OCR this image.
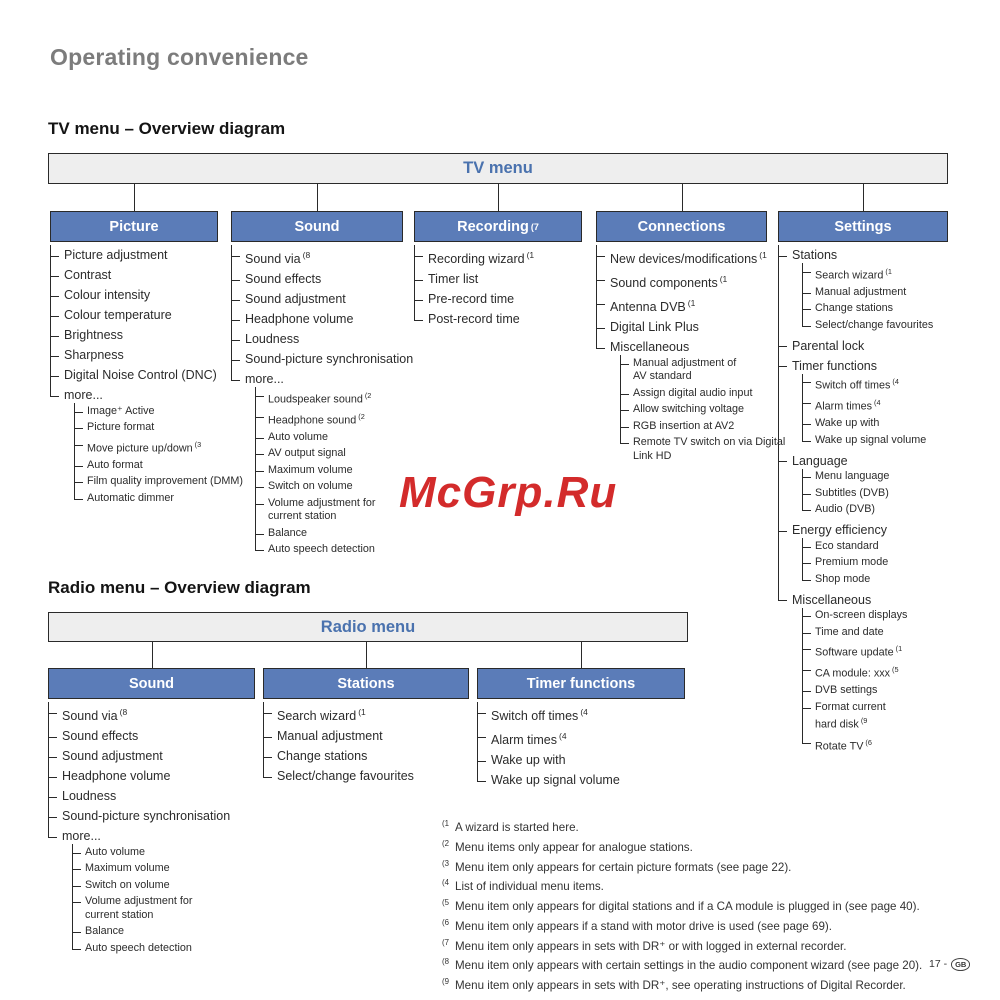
Operating convenience
TV menu – Overview diagram
Radio menu – Overview diagram
TV menu
Picture
Picture adjustment
Contrast
Colour intensity
Colour temperature
Brightness
Sharpness
Digital Noise Control (DNC)
more...
Image⁺ Active
Picture format
Move picture up/down $^{(3}$
Auto format
Film quality improvement (DMM)
Automatic dimmer
Sound
Sound via $^{(8}$
Sound effects
Sound adjustment
Headphone volume
Loudness
Sound-picture synchronisation
more...
Loudspeaker sound $^{(2}$
Headphone sound $^{(2}$
Auto volume
AV output signal
Maximum volume
Switch on volume
Volume adjustment for
current station
Balance
Auto speech detection
Recording (7
Recording wizard $^{(1}$
Timer list
Pre-record time
Post-record time
Connections
New devices/modifications $^{(1}$
Sound components $^{(1}$
Antenna DVB $^{(1}$
Digital Link Plus
Miscellaneous
Manual adjustment of
AV standard
Assign digital audio input
Allow switching voltage
RGB insertion at AV2
Remote TV switch on via Digital
Link HD
Settings
Stations
Search wizard $^{(1}$
Manual adjustment
Change stations
Select/change favourites
Parental lock
Timer functions
Switch off times $^{(4}$
Alarm times $^{(4}$
Wake up with
Wake up signal volume
Language
Menu language
Subtitles (DVB)
Audio (DVB)
Energy efficiency
Eco standard
Premium mode
Shop mode
Miscellaneous
On-screen displays
Time and date
Software update $^{(1}$
CA module: xxx $^{(5}$
DVB settings
Format current
hard disk $^{(9}$
Rotate TV $^{(6}$
Radio menu
Sound
Sound via $^{(8}$
Sound effects
Sound adjustment
Headphone volume
Loudness
Sound-picture synchronisation
more...
Auto volume
Maximum volume
Switch on volume
Volume adjustment for
current station
Balance
Auto speech detection
Stations
Search wizard $^{(1}$
Manual adjustment
Change stations
Select/change favourites
Timer functions
Switch off times $^{(4}$
Alarm times $^{(4}$
Wake up with
Wake up signal volume
McGrp.Ru
$^{(1}$ A wizard is started here.
$^{(2}$ Menu items only appear for analogue stations.
$^{(3}$ Menu item only appears for certain picture formats (see page 22).
$^{(4}$ List of individual menu items.
$^{(5}$ Menu item only appears for digital stations and if a CA module is plugged in (see page 40).
$^{(6}$ Menu item only appears if a stand with motor drive is used (see page 69).
$^{(7}$ Menu item only appears in sets with DR⁺ or with logged in external recorder.
$^{(8}$ Menu item only appears with certain settings in the audio component wizard (see page 20).
$^{(9}$ Menu item only appears in sets with DR⁺, see operating instructions of Digital Recorder.
17 -	GB
